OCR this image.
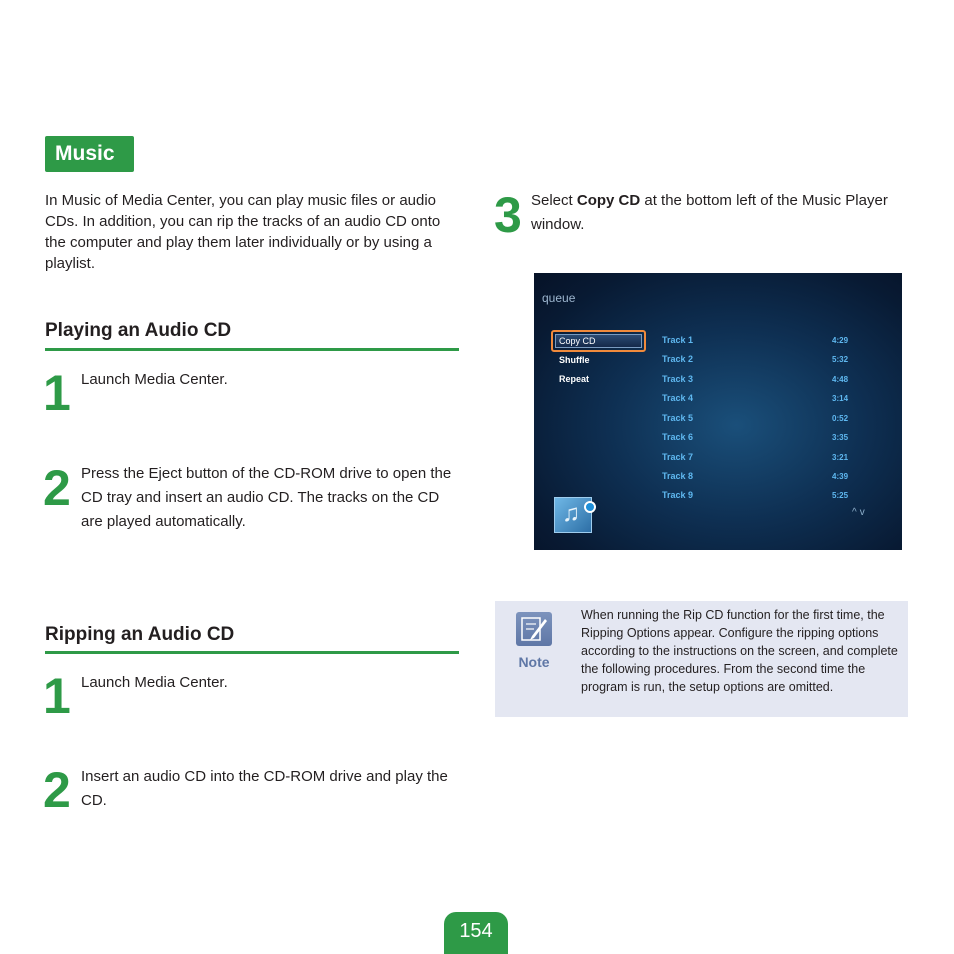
Music

In Music of Media Center, you can play music files or audio CDs. In addition, you can rip the tracks of an audio CD onto the computer and play them later individually or by using a playlist.

Playing an Audio CD
1 Launch Media Center.
2 Press the Eject button of the CD-ROM drive to open the CD tray and insert an audio CD. The tracks on the CD are played automatically.
Ripping an Audio CD
1 Launch Media Center.
2 Insert an audio CD into the CD-ROM drive and play the CD.
3 Select Copy CD at the bottom left of the Music Player window.
queue
Copy CD
Shuffle
Repeat
Track 1
Track 2
Track 3
Track 4
Track 5
Track 6
Track 7
Track 8
Track 9
4:29
5:32
4:48
3:14
0:52
3:35
3:21
4:39
5:25
♫	^v
Note
When running the Rip CD function for the first time, the Ripping Options appear. Configure the ripping options according to the instructions on the screen, and complete the following procedures. From the second time the program is run, the setup options are omitted.
154
